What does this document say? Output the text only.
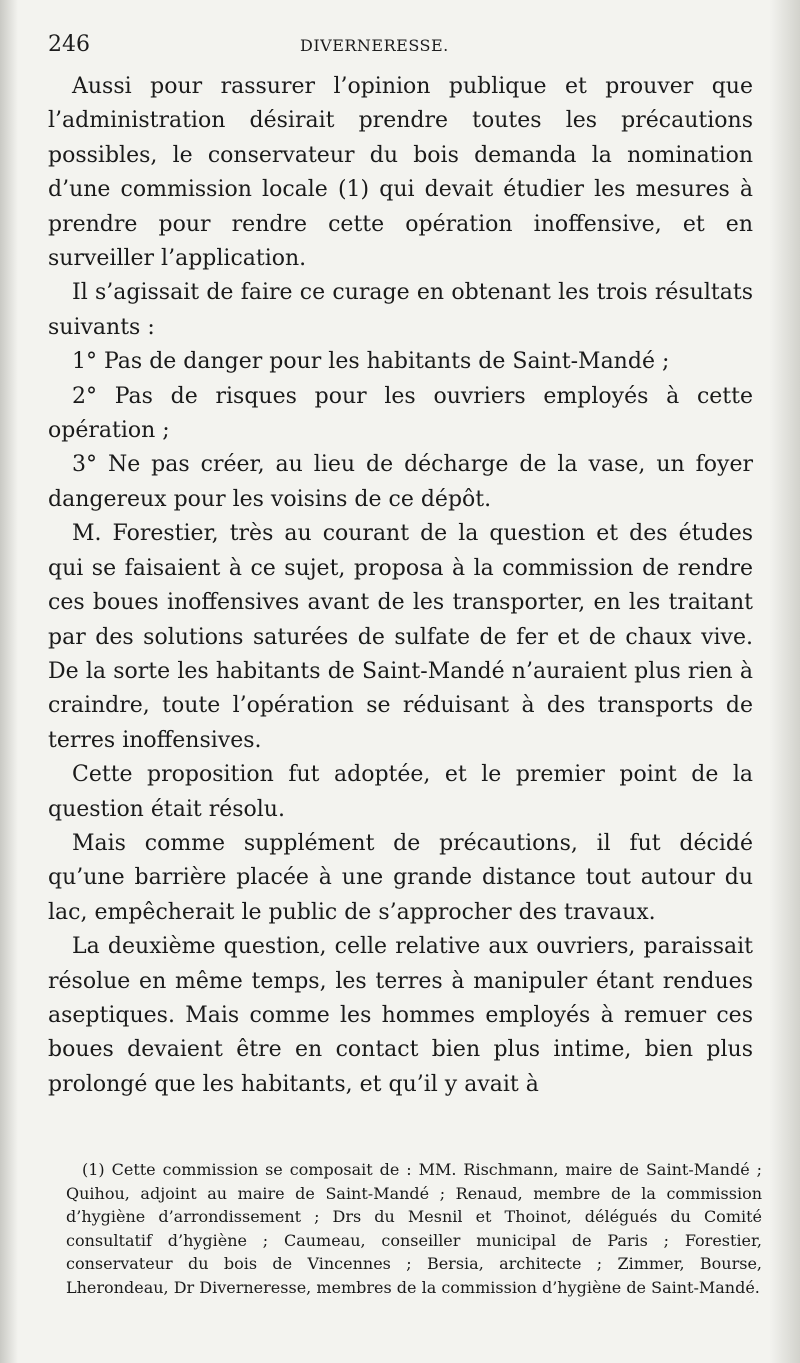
246	DIVERNERESSE.

Aussi pour rassurer l’opinion publique et prouver que l’administration désirait prendre toutes les précautions possibles, le conservateur du bois demanda la nomination d’une commission locale (1) qui devait étudier les mesures à prendre pour rendre cette opération inoffensive, et en surveiller l’application.

Il s’agissait de faire ce curage en obtenant les trois résultats suivants :

1° Pas de danger pour les habitants de Saint-Mandé ;

2° Pas de risques pour les ouvriers employés à cette opération ;

3° Ne pas créer, au lieu de décharge de la vase, un foyer dangereux pour les voisins de ce dépôt.

M. Forestier, très au courant de la question et des études qui se faisaient à ce sujet, proposa à la commission de rendre ces boues inoffensives avant de les transporter, en les traitant par des solutions saturées de sulfate de fer et de chaux vive. De la sorte les habitants de Saint-Mandé n’auraient plus rien à craindre, toute l’opération se réduisant à des transports de terres inoffensives.

Cette proposition fut adoptée, et le premier point de la question était résolu.

Mais comme supplément de précautions, il fut décidé qu’une barrière placée à une grande distance tout autour du lac, empêcherait le public de s’approcher des travaux.

La deuxième question, celle relative aux ouvriers, paraissait résolue en même temps, les terres à manipuler étant rendues aseptiques. Mais comme les hommes employés à remuer ces boues devaient être en contact bien plus intime, bien plus prolongé que les habitants, et qu’il y avait à

(1) Cette commission se composait de : MM. Rischmann, maire de Saint-Mandé ; Quihou, adjoint au maire de Saint-Mandé ; Renaud, membre de la commission d’hygiène d’arrondissement ; Drs du Mesnil et Thoinot, délégués du Comité consultatif d’hygiène ; Caumeau, conseiller municipal de Paris ; Forestier, conservateur du bois de Vincennes ; Bersia, architecte ; Zimmer, Bourse, Lherondeau, Dr Diverneresse, membres de la commission d’hygiène de Saint-Mandé.
